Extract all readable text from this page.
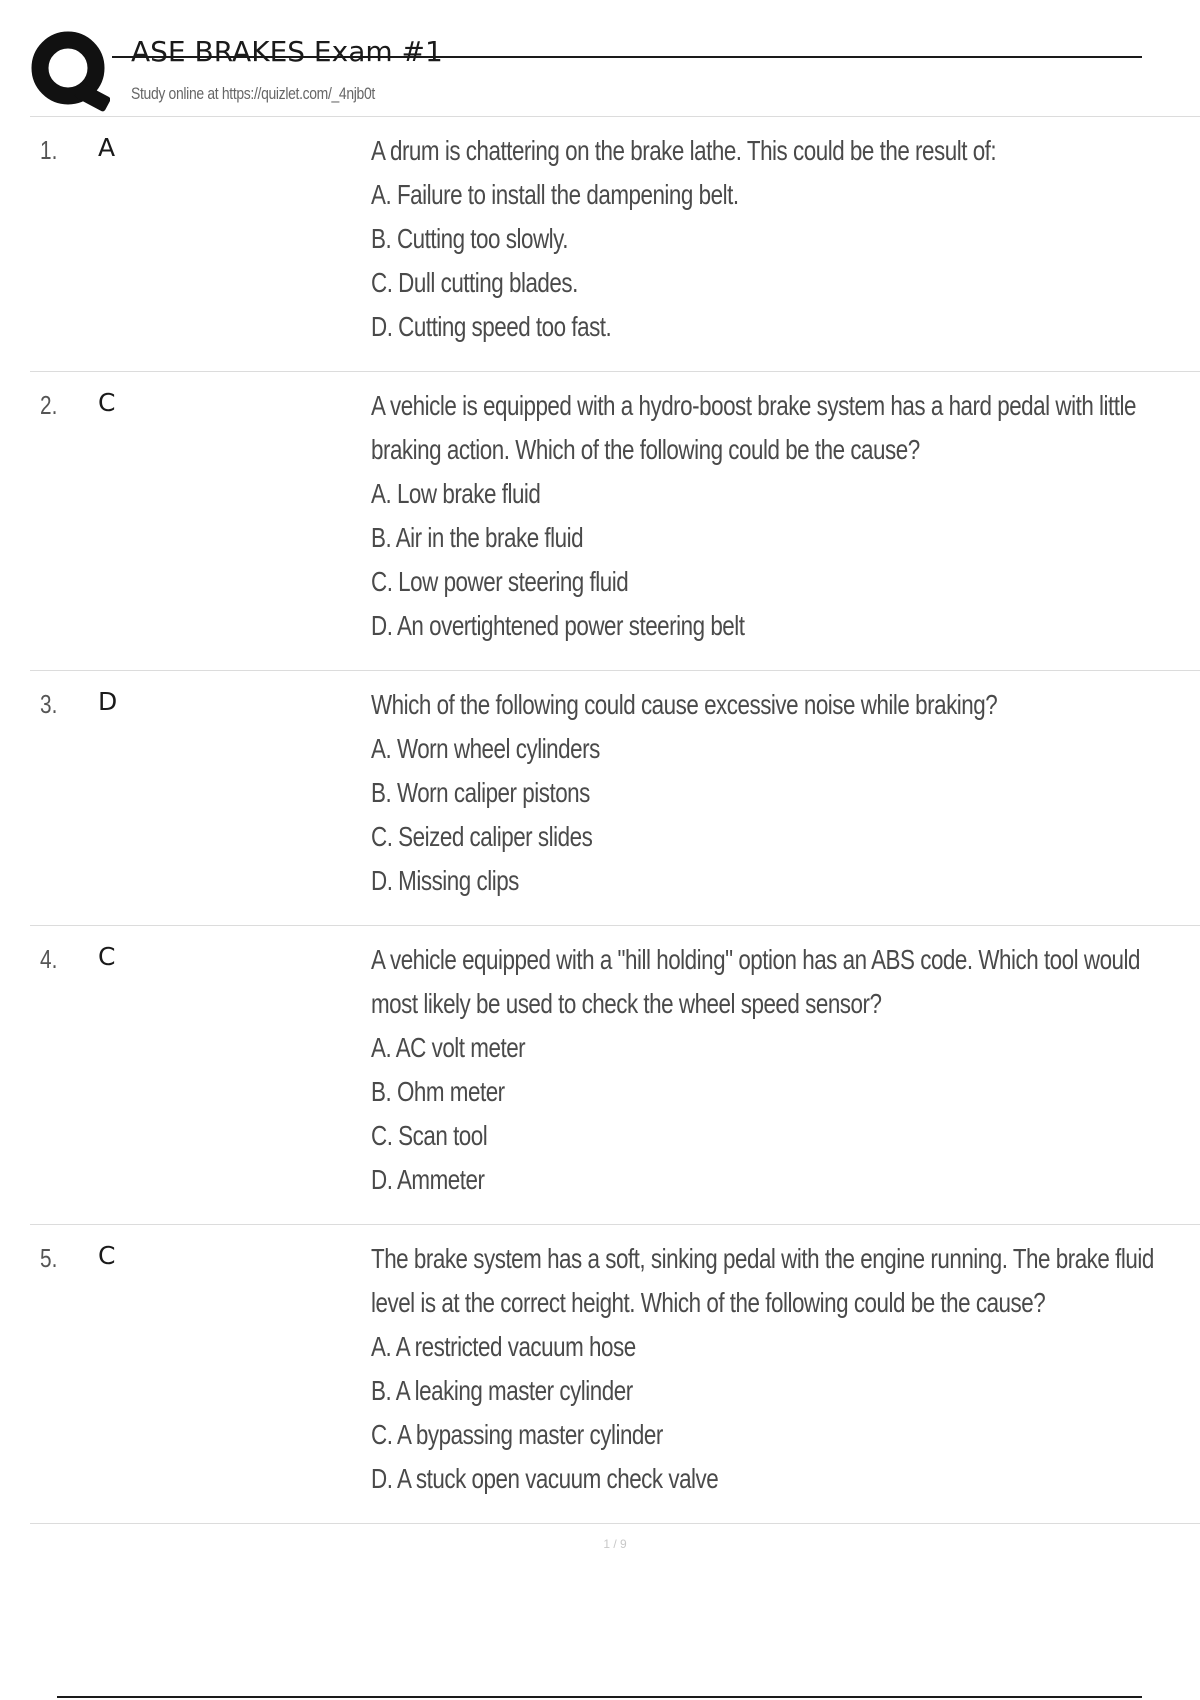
ASE BRAKES Exam #1
Study online at https://quizlet.com/_4njb0t
1. A	A drum is chattering on the brake lathe. This could be the result of:
A. Failure to install the dampening belt.
B. Cutting too slowly.
C. Dull cutting blades.
D. Cutting speed too fast.
2. C	A vehicle is equipped with a hydro-boost brake system has a hard pedal with little
braking action. Which of the following could be the cause?
A. Low brake fluid
B. Air in the brake fluid
C. Low power steering fluid
D. An overtightened power steering belt
3. D	Which of the following could cause excessive noise while braking?
A. Worn wheel cylinders
B. Worn caliper pistons
C. Seized caliper slides
D. Missing clips
4. C	A vehicle equipped with a "hill holding" option has an ABS code. Which tool would
most likely be used to check the wheel speed sensor?
A. AC volt meter
B. Ohm meter
C. Scan tool
D. Ammeter
5. C	The brake system has a soft, sinking pedal with the engine running. The brake fluid
level is at the correct height. Which of the following could be the cause?
A. A restricted vacuum hose
B. A leaking master cylinder
C. A bypassing master cylinder
D. A stuck open vacuum check valve
1 / 9
